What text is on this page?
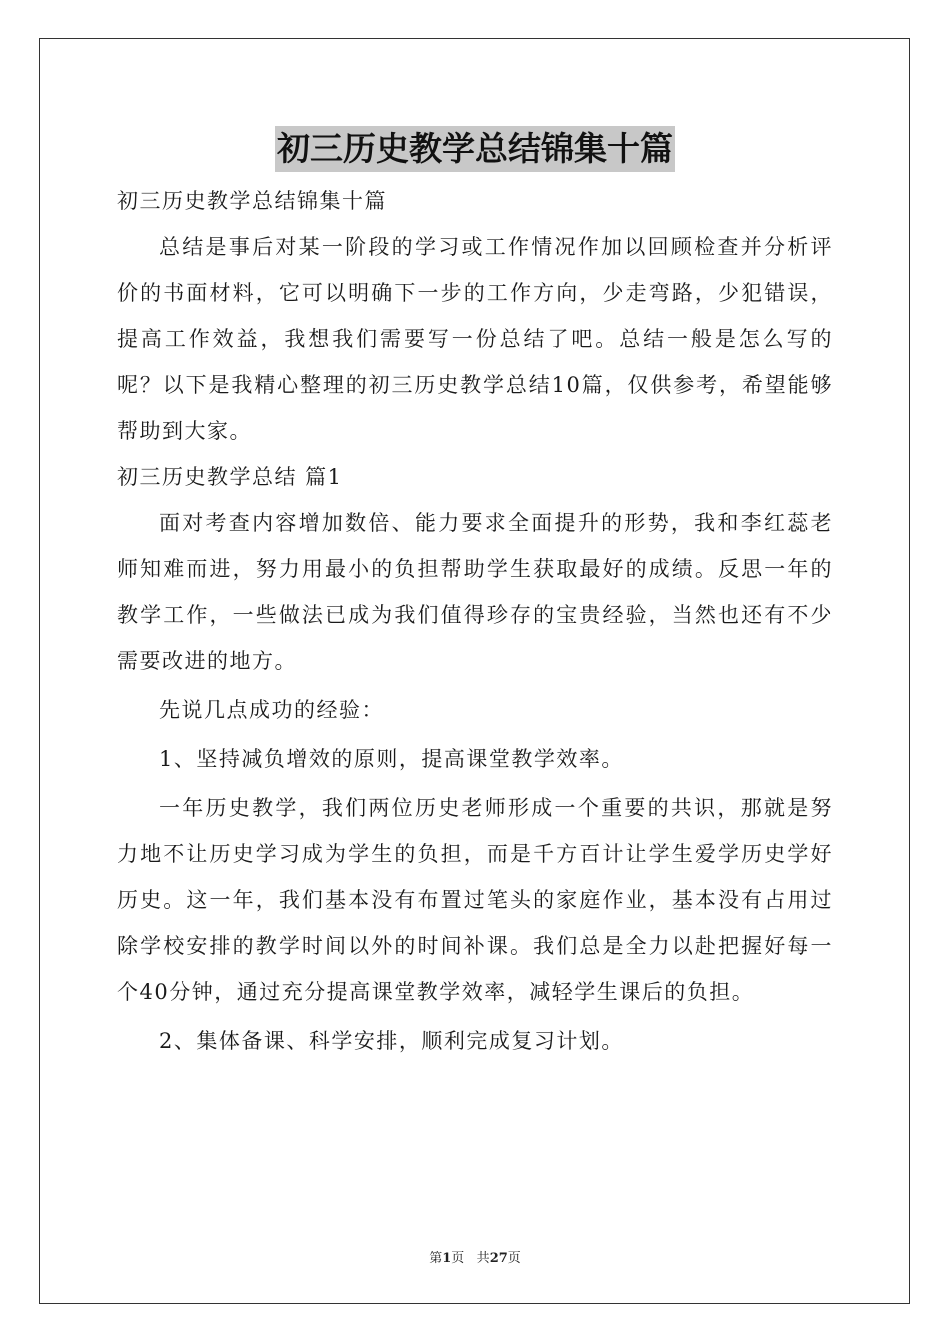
初三历史教学总结锦集十篇

初三历史教学总结锦集十篇

总结是事后对某一阶段的学习或工作情况作加以回顾检查并分析评价的书面材料，它可以明确下一步的工作方向，少走弯路，少犯错误，提高工作效益，我想我们需要写一份总结了吧。总结一般是怎么写的呢？以下是我精心整理的初三历史教学总结10篇，仅供参考，希望能够帮助到大家。

初三历史教学总结 篇1

面对考查内容增加数倍、能力要求全面提升的形势，我和李红蕊老师知难而进，努力用最小的负担帮助学生获取最好的成绩。反思一年的教学工作，一些做法已成为我们值得珍存的宝贵经验，当然也还有不少需要改进的地方。

先说几点成功的经验：

1、坚持减负增效的原则，提高课堂教学效率。

一年历史教学，我们两位历史老师形成一个重要的共识，那就是努力地不让历史学习成为学生的负担，而是千方百计让学生爱学历史学好历史。这一年，我们基本没有布置过笔头的家庭作业，基本没有占用过除学校安排的教学时间以外的时间补课。我们总是全力以赴把握好每一个40分钟，通过充分提高课堂教学效率，减轻学生课后的负担。

2、集体备课、科学安排，顺利完成复习计划。

第1页 共27页
